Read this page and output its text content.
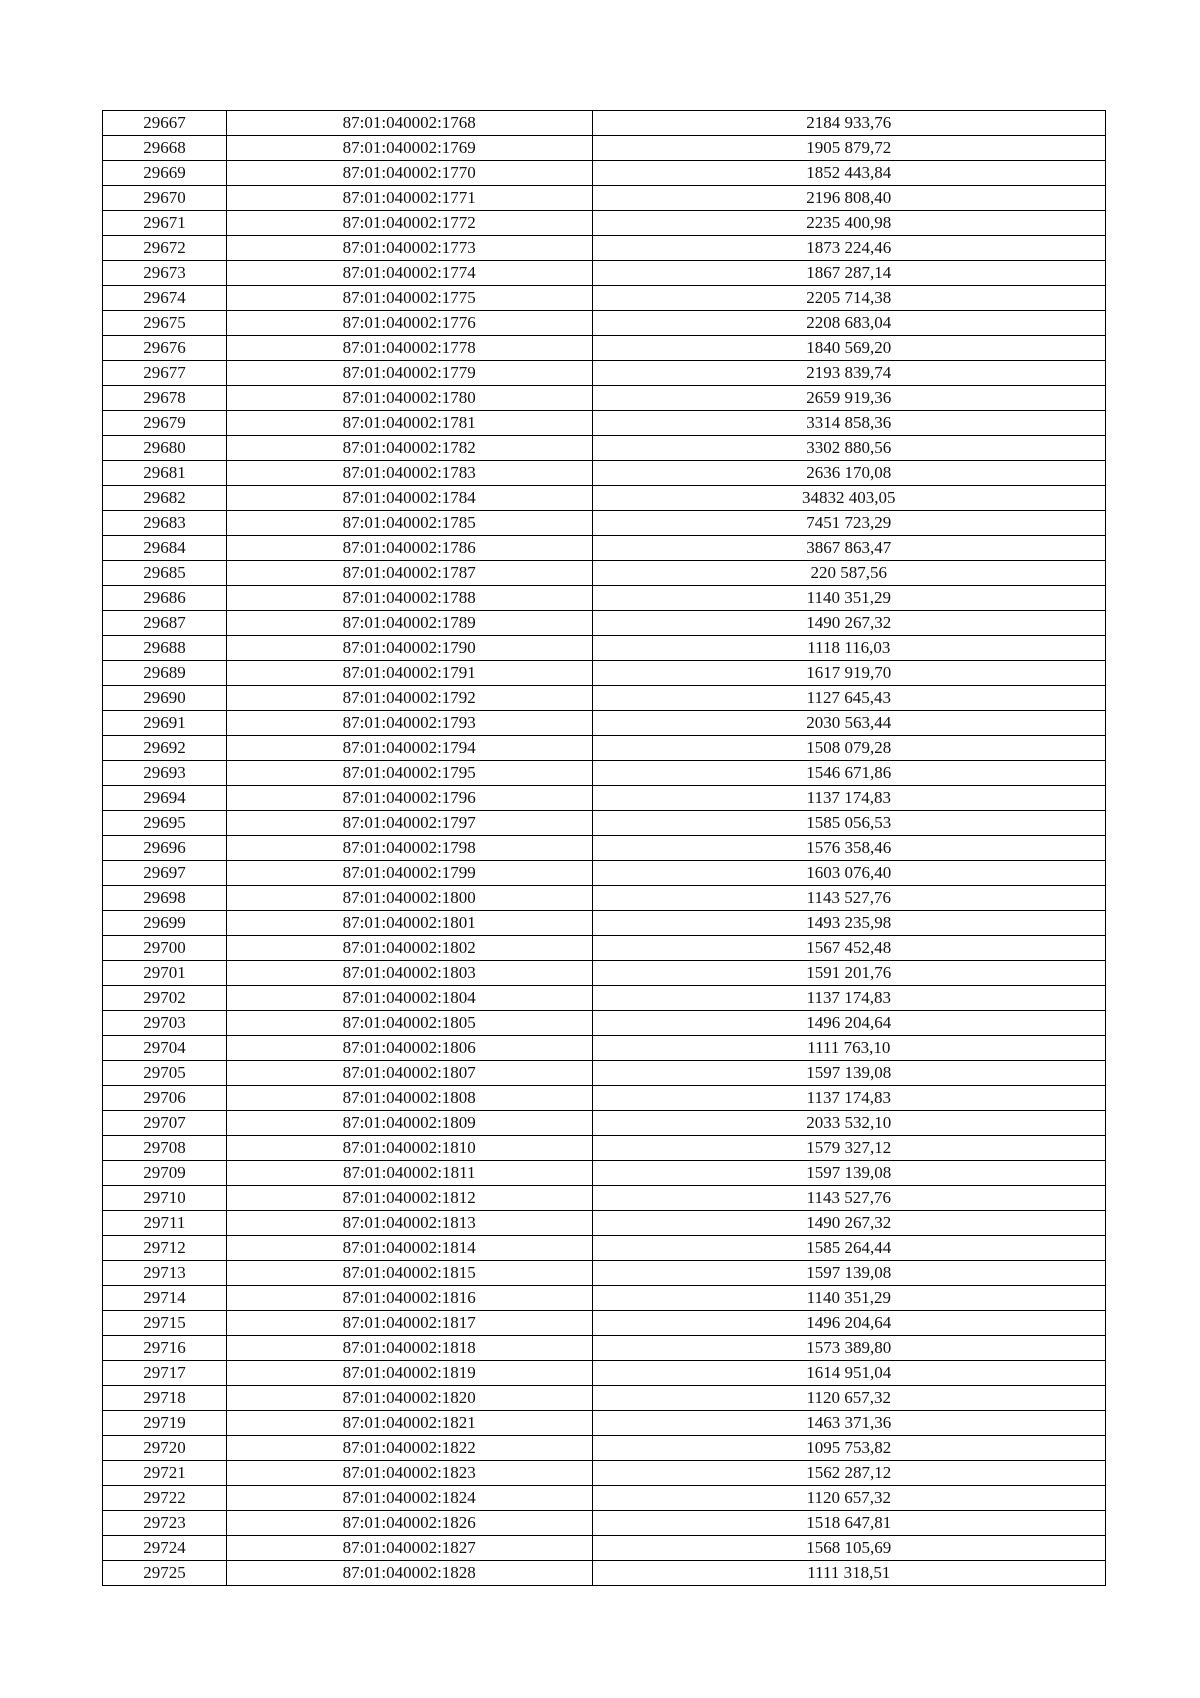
29667	87:01:040002:1768	2184 933,76
29668	87:01:040002:1769	1905 879,72
29669	87:01:040002:1770	1852 443,84
29670	87:01:040002:1771	2196 808,40
29671	87:01:040002:1772	2235 400,98
29672	87:01:040002:1773	1873 224,46
29673	87:01:040002:1774	1867 287,14
29674	87:01:040002:1775	2205 714,38
29675	87:01:040002:1776	2208 683,04
29676	87:01:040002:1778	1840 569,20
29677	87:01:040002:1779	2193 839,74
29678	87:01:040002:1780	2659 919,36
29679	87:01:040002:1781	3314 858,36
29680	87:01:040002:1782	3302 880,56
29681	87:01:040002:1783	2636 170,08
29682	87:01:040002:1784	34832 403,05
29683	87:01:040002:1785	7451 723,29
29684	87:01:040002:1786	3867 863,47
29685	87:01:040002:1787	220 587,56
29686	87:01:040002:1788	1140 351,29
29687	87:01:040002:1789	1490 267,32
29688	87:01:040002:1790	1118 116,03
29689	87:01:040002:1791	1617 919,70
29690	87:01:040002:1792	1127 645,43
29691	87:01:040002:1793	2030 563,44
29692	87:01:040002:1794	1508 079,28
29693	87:01:040002:1795	1546 671,86
29694	87:01:040002:1796	1137 174,83
29695	87:01:040002:1797	1585 056,53
29696	87:01:040002:1798	1576 358,46
29697	87:01:040002:1799	1603 076,40
29698	87:01:040002:1800	1143 527,76
29699	87:01:040002:1801	1493 235,98
29700	87:01:040002:1802	1567 452,48
29701	87:01:040002:1803	1591 201,76
29702	87:01:040002:1804	1137 174,83
29703	87:01:040002:1805	1496 204,64
29704	87:01:040002:1806	1111 763,10
29705	87:01:040002:1807	1597 139,08
29706	87:01:040002:1808	1137 174,83
29707	87:01:040002:1809	2033 532,10
29708	87:01:040002:1810	1579 327,12
29709	87:01:040002:1811	1597 139,08
29710	87:01:040002:1812	1143 527,76
29711	87:01:040002:1813	1490 267,32
29712	87:01:040002:1814	1585 264,44
29713	87:01:040002:1815	1597 139,08
29714	87:01:040002:1816	1140 351,29
29715	87:01:040002:1817	1496 204,64
29716	87:01:040002:1818	1573 389,80
29717	87:01:040002:1819	1614 951,04
29718	87:01:040002:1820	1120 657,32
29719	87:01:040002:1821	1463 371,36
29720	87:01:040002:1822	1095 753,82
29721	87:01:040002:1823	1562 287,12
29722	87:01:040002:1824	1120 657,32
29723	87:01:040002:1826	1518 647,81
29724	87:01:040002:1827	1568 105,69
29725	87:01:040002:1828	1111 318,51
